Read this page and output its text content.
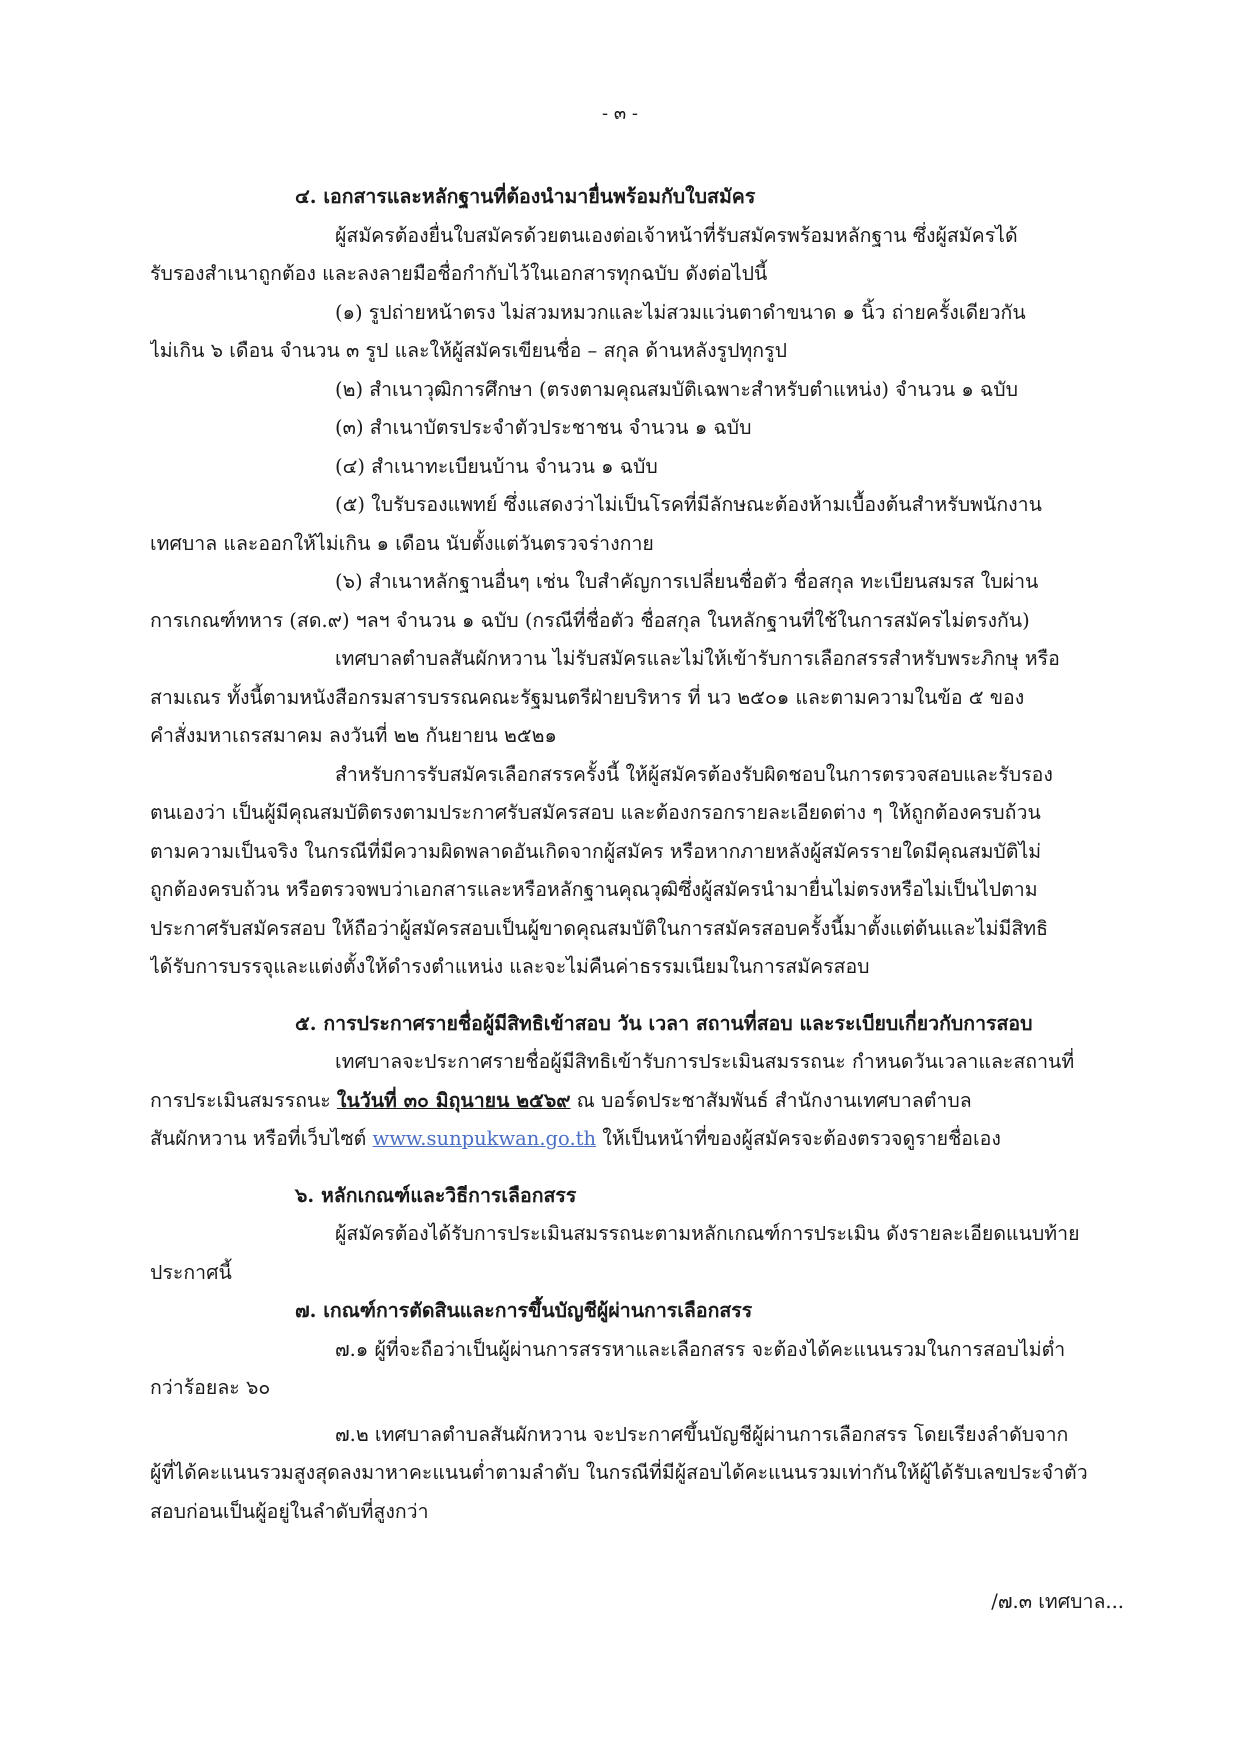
- ๓ -
๔. เอกสารและหลักฐานที่ต้องนำมายื่นพร้อมกับใบสมัคร
ผู้สมัครต้องยื่นใบสมัครด้วยตนเองต่อเจ้าหน้าที่รับสมัครพร้อมหลักฐาน ซึ่งผู้สมัครได้
รับรองสำเนาถูกต้อง และลงลายมือชื่อกำกับไว้ในเอกสารทุกฉบับ ดังต่อไปนี้
(๑) รูปถ่ายหน้าตรง ไม่สวมหมวกและไม่สวมแว่นตาดำขนาด ๑ นิ้ว ถ่ายครั้งเดียวกัน
ไม่เกิน ๖ เดือน จำนวน ๓ รูป และให้ผู้สมัครเขียนชื่อ – สกุล ด้านหลังรูปทุกรูป
(๒) สำเนาวุฒิการศึกษา (ตรงตามคุณสมบัติเฉพาะสำหรับตำแหน่ง) จำนวน ๑ ฉบับ
(๓) สำเนาบัตรประจำตัวประชาชน จำนวน ๑ ฉบับ
(๔) สำเนาทะเบียนบ้าน จำนวน ๑ ฉบับ
(๕) ใบรับรองแพทย์ ซึ่งแสดงว่าไม่เป็นโรคที่มีลักษณะต้องห้ามเบื้องต้นสำหรับพนักงาน
เทศบาล และออกให้ไม่เกิน ๑ เดือน นับตั้งแต่วันตรวจร่างกาย
(๖) สำเนาหลักฐานอื่นๆ เช่น ใบสำคัญการเปลี่ยนชื่อตัว ชื่อสกุล ทะเบียนสมรส ใบผ่าน
การเกณฑ์ทหาร (สด.๙) ฯลฯ จำนวน ๑ ฉบับ (กรณีที่ชื่อตัว ชื่อสกุล ในหลักฐานที่ใช้ในการสมัครไม่ตรงกัน)
เทศบาลตำบลสันผักหวาน ไม่รับสมัครและไม่ให้เข้ารับการเลือกสรรสำหรับพระภิกษุ หรือ
สามเณร ทั้งนี้ตามหนังสือกรมสารบรรณคณะรัฐมนตรีฝ่ายบริหาร ที่ นว ๒๕๐๑ และตามความในข้อ ๕ ของ
คำสั่งมหาเถรสมาคม ลงวันที่ ๒๒ กันยายน ๒๕๒๑
สำหรับการรับสมัครเลือกสรรครั้งนี้ ให้ผู้สมัครต้องรับผิดชอบในการตรวจสอบและรับรอง
ตนเองว่า เป็นผู้มีคุณสมบัติตรงตามประกาศรับสมัครสอบ และต้องกรอกรายละเอียดต่าง ๆ ให้ถูกต้องครบถ้วน
ตามความเป็นจริง ในกรณีที่มีความผิดพลาดอันเกิดจากผู้สมัคร หรือหากภายหลังผู้สมัครรายใดมีคุณสมบัติไม่
ถูกต้องครบถ้วน หรือตรวจพบว่าเอกสารและหรือหลักฐานคุณวุฒิซึ่งผู้สมัครนำมายื่นไม่ตรงหรือไม่เป็นไปตาม
ประกาศรับสมัครสอบ ให้ถือว่าผู้สมัครสอบเป็นผู้ขาดคุณสมบัติในการสมัครสอบครั้งนี้มาตั้งแต่ต้นและไม่มีสิทธิ
ได้รับการบรรจุและแต่งตั้งให้ดำรงตำแหน่ง และจะไม่คืนค่าธรรมเนียมในการสมัครสอบ
๕. การประกาศรายชื่อผู้มีสิทธิเข้าสอบ วัน เวลา สถานที่สอบ และระเบียบเกี่ยวกับการสอบ
เทศบาลจะประกาศรายชื่อผู้มีสิทธิเข้ารับการประเมินสมรรถนะ กำหนดวันเวลาและสถานที่
การประเมินสมรรถนะ ในวันที่ ๓๐ มิถุนายน ๒๕๖๙ ณ บอร์ดประชาสัมพันธ์ สำนักงานเทศบาลตำบล
สันผักหวาน หรือที่เว็บไซต์ www.sunpukwan.go.th ให้เป็นหน้าที่ของผู้สมัครจะต้องตรวจดูรายชื่อเอง
๖. หลักเกณฑ์และวิธีการเลือกสรร
ผู้สมัครต้องได้รับการประเมินสมรรถนะตามหลักเกณฑ์การประเมิน ดังรายละเอียดแนบท้าย
ประกาศนี้
๗. เกณฑ์การตัดสินและการขึ้นบัญชีผู้ผ่านการเลือกสรร
๗.๑ ผู้ที่จะถือว่าเป็นผู้ผ่านการสรรหาและเลือกสรร จะต้องได้คะแนนรวมในการสอบไม่ต่ำ
กว่าร้อยละ ๖๐
๗.๒ เทศบาลตำบลสันผักหวาน จะประกาศขึ้นบัญชีผู้ผ่านการเลือกสรร โดยเรียงลำดับจาก
ผู้ที่ได้คะแนนรวมสูงสุดลงมาหาคะแนนต่ำตามลำดับ ในกรณีที่มีผู้สอบได้คะแนนรวมเท่ากันให้ผู้ได้รับเลขประจำตัว
สอบก่อนเป็นผู้อยู่ในลำดับที่สูงกว่า
/๗.๓ เทศบาล...
